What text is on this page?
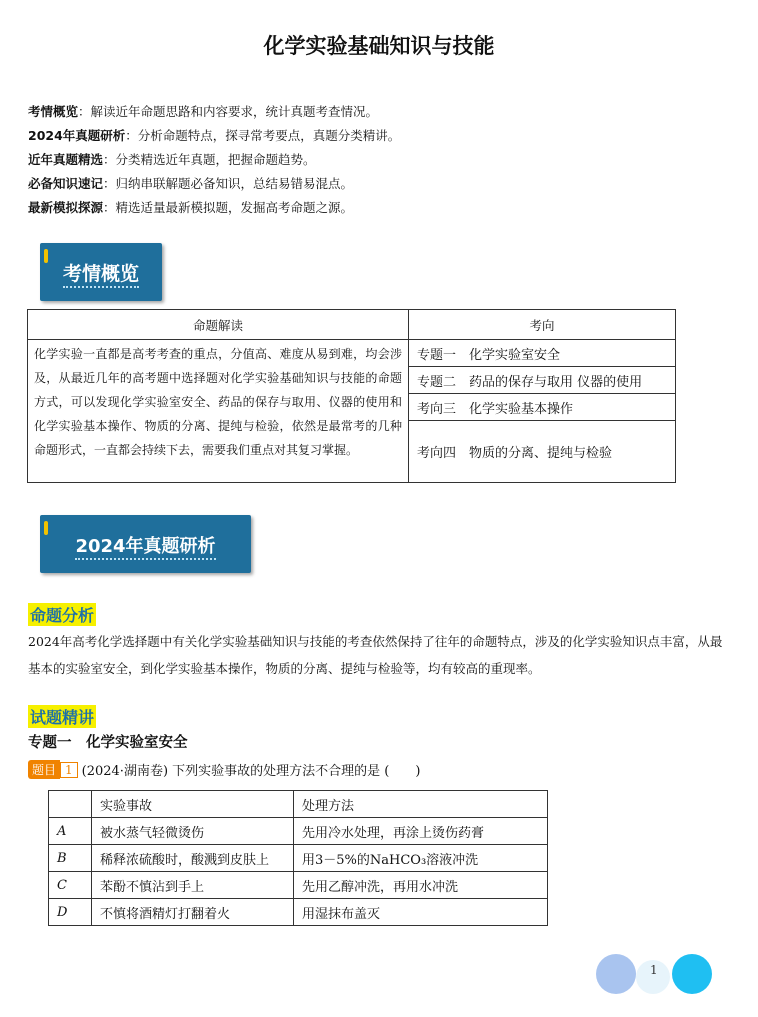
化学实验基础知识与技能
考情概览：解读近年命题思路和内容要求，统计真题考查情况。
2024年真题研析：分析命题特点，探寻常考要点，真题分类精讲。
近年真题精选：分类精选近年真题，把握命题趋势。
必备知识速记：归纳串联解题必备知识，总结易错易混点。
最新模拟探源：精选适量最新模拟题，发掘高考命题之源。
考情概览
命题解读	考向
化学实验一直都是高考考查的重点，分值高、难度从易到难，均会涉及，从最近几年的高考题中选择题对化学实验基础知识与技能的命题方式，可以发现化学实验室安全、药品的保存与取用、仪器的使用和化学实验基本操作、物质的分离、提纯与检验，依然是最常考的几种命题形式，一直都会持续下去，需要我们重点对其复习掌握。	专题一　化学实验室安全
	专题二　药品的保存与取用 仪器的使用
	考向三　化学实验基本操作
	考向四　物质的分离、提纯与检验
2024年真题研析
命题分析
2024年高考化学选择题中有关化学实验基础知识与技能的考查依然保持了往年的命题特点，涉及的化学实验知识点丰富，从最基本的实验室安全，到化学实验基本操作，物质的分离、提纯与检验等，均有较高的重现率。
试题精讲
专题一　化学实验室安全
题目 1 (2024·湖南卷) 下列实验事故的处理方法不合理的是 (　　)
	实验事故	处理方法
A	被水蒸气轻微烫伤	先用冷水处理，再涂上烫伤药膏
B	稀释浓硫酸时，酸溅到皮肤上	用3－5%的NaHCO₃溶液冲洗
C	苯酚不慎沾到手上	先用乙醇冲洗，再用水冲洗
D	不慎将酒精灯打翻着火	用湿抹布盖灭
1
